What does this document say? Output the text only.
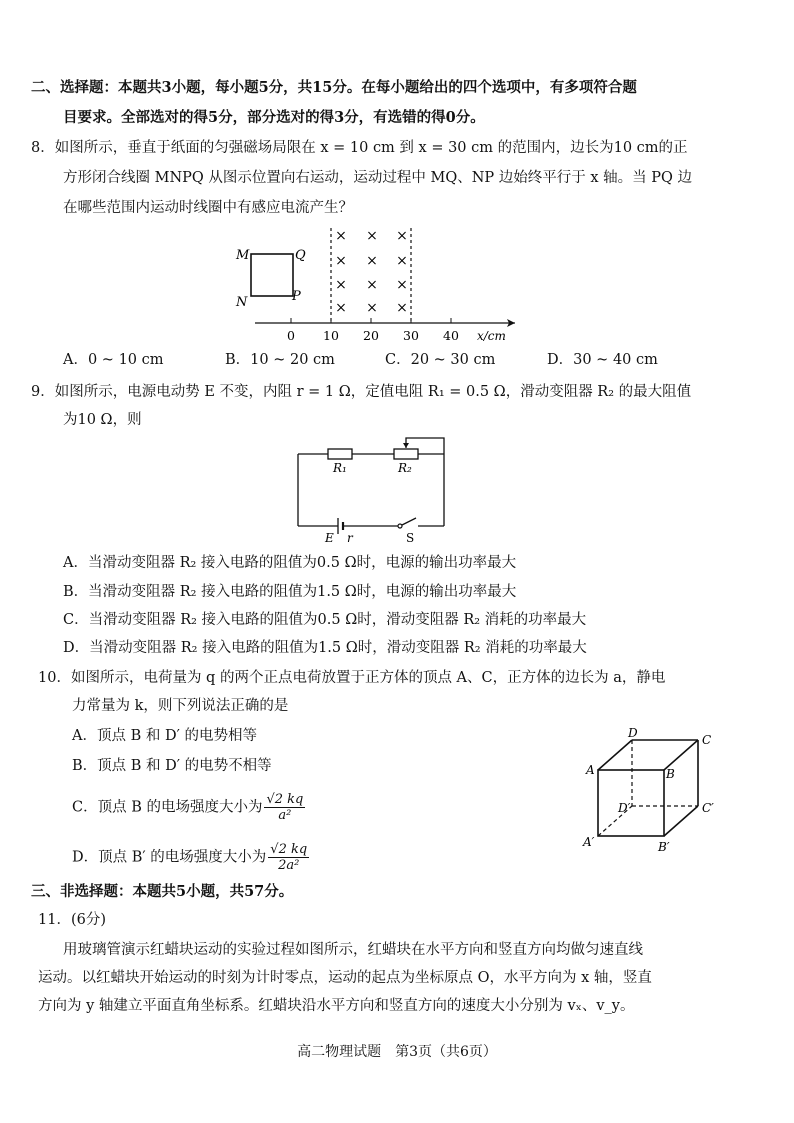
二、选择题：本题共3小题，每小题5分，共15分。在每小题给出的四个选项中，有多项符合题
目要求。全部选对的得5分，部分选对的得3分，有选错的得0分。
8．如图所示，垂直于纸面的匀强磁场局限在 x = 10 cm 到 x = 30 cm 的范围内，边长为10 cm的正
方形闭合线圈 MNPQ 从图示位置向右运动，运动过程中 MQ、NP 边始终平行于 x 轴。当 PQ 边
在哪些范围内运动时线圈中有感应电流产生？
M	Q
N	P
× × ×
× × ×
× × ×
× × ×
0 10 20 30 40 x/cm
A．0 ~ 10 cm	B．10 ~ 20 cm	C．20 ~ 30 cm	D．30 ~ 40 cm
9．如图所示，电源电动势 E 不变，内阻 r = 1 Ω，定值电阻 R₁ = 0.5 Ω，滑动变阻器 R₂ 的最大阻值
为10 Ω，则
R₁	R₂
E r	S
A．当滑动变阻器 R₂ 接入电路的阻值为0.5 Ω时，电源的输出功率最大
B．当滑动变阻器 R₂ 接入电路的阻值为1.5 Ω时，电源的输出功率最大
C．当滑动变阻器 R₂ 接入电路的阻值为0.5 Ω时，滑动变阻器 R₂ 消耗的功率最大
D．当滑动变阻器 R₂ 接入电路的阻值为1.5 Ω时，滑动变阻器 R₂ 消耗的功率最大
10．如图所示，电荷量为 q 的两个正点电荷放置于正方体的顶点 A、C，正方体的边长为 a，静电
力常量为 k，则下列说法正确的是
A．顶点 B 和 D′ 的电势相等
B．顶点 B 和 D′ 的电势不相等
C．顶点 B 的电场强度大小为 $\frac{√2 kq}{\text{a²}}$
D．顶点 B′ 的电场强度大小为 $\frac{√2 kq}{\text{2a²}}$
D	C
A	B
D′	C′
A′	B′
三、非选择题：本题共5小题，共57分。
11．(6分)
用玻璃管演示红蜡块运动的实验过程如图所示，红蜡块在水平方向和竖直方向均做匀速直线
运动。以红蜡块开始运动的时刻为计时零点，运动的起点为坐标原点 O，水平方向为 x 轴，竖直
方向为 y 轴建立平面直角坐标系。红蜡块沿水平方向和竖直方向的速度大小分别为 vₓ、v_y。
高二物理试题　第3页（共6页）
